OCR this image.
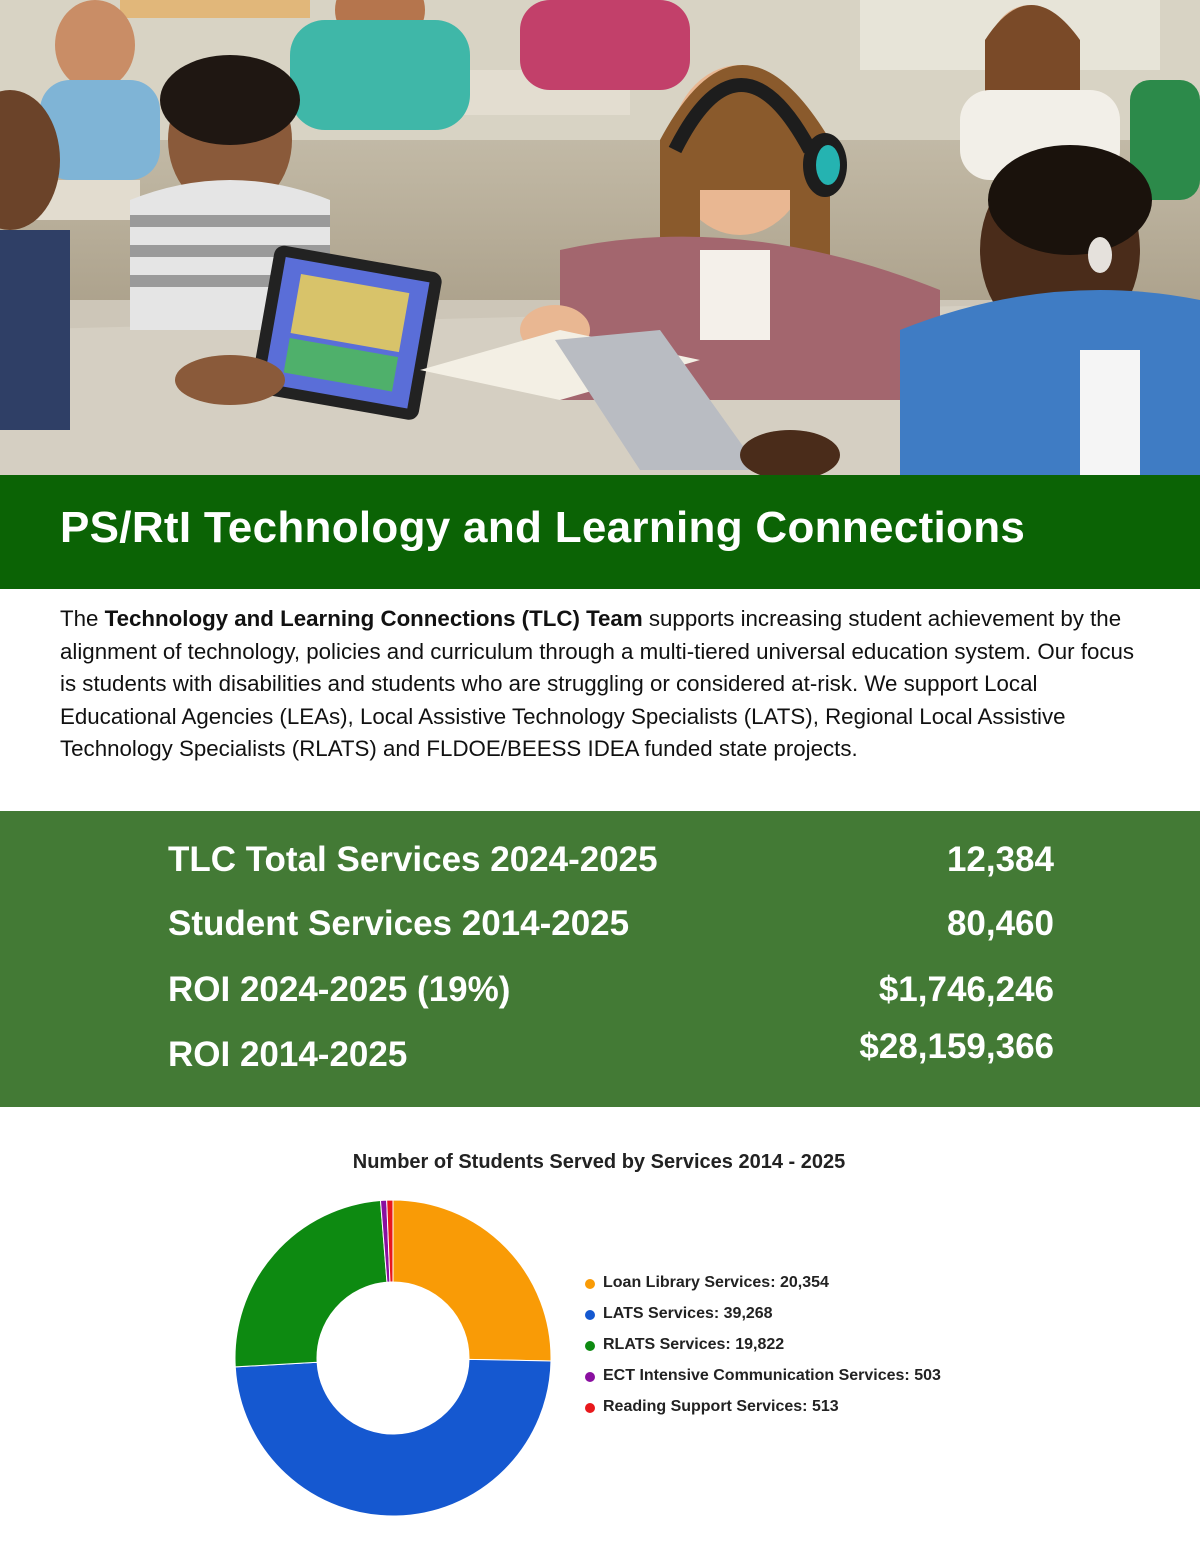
PS/RtI Technology and Learning Connections
The Technology and Learning Connections (TLC) Team supports increasing student achievement by the alignment of technology, policies and curriculum through a multi-tiered universal education system. Our focus is students with disabilities and students who are struggling or considered at-risk. We support Local Educational Agencies (LEAs), Local Assistive Technology Specialists (LATS), Regional Local Assistive Technology Specialists (RLATS) and FLDOE/BEESS IDEA funded state projects.
TLC Total Services 2024-2025	12,384
Student Services 2014-2025	80,460
ROI 2024-2025 (19%)	$1,746,246
ROI 2014-2025	$28,159,366
Number of Students Served by Services 2014 - 2025
Loan Library Services: 20,354
LATS Services: 39,268
RLATS Services: 19,822
ECT Intensive Communication Services: 503
Reading Support Services: 513
